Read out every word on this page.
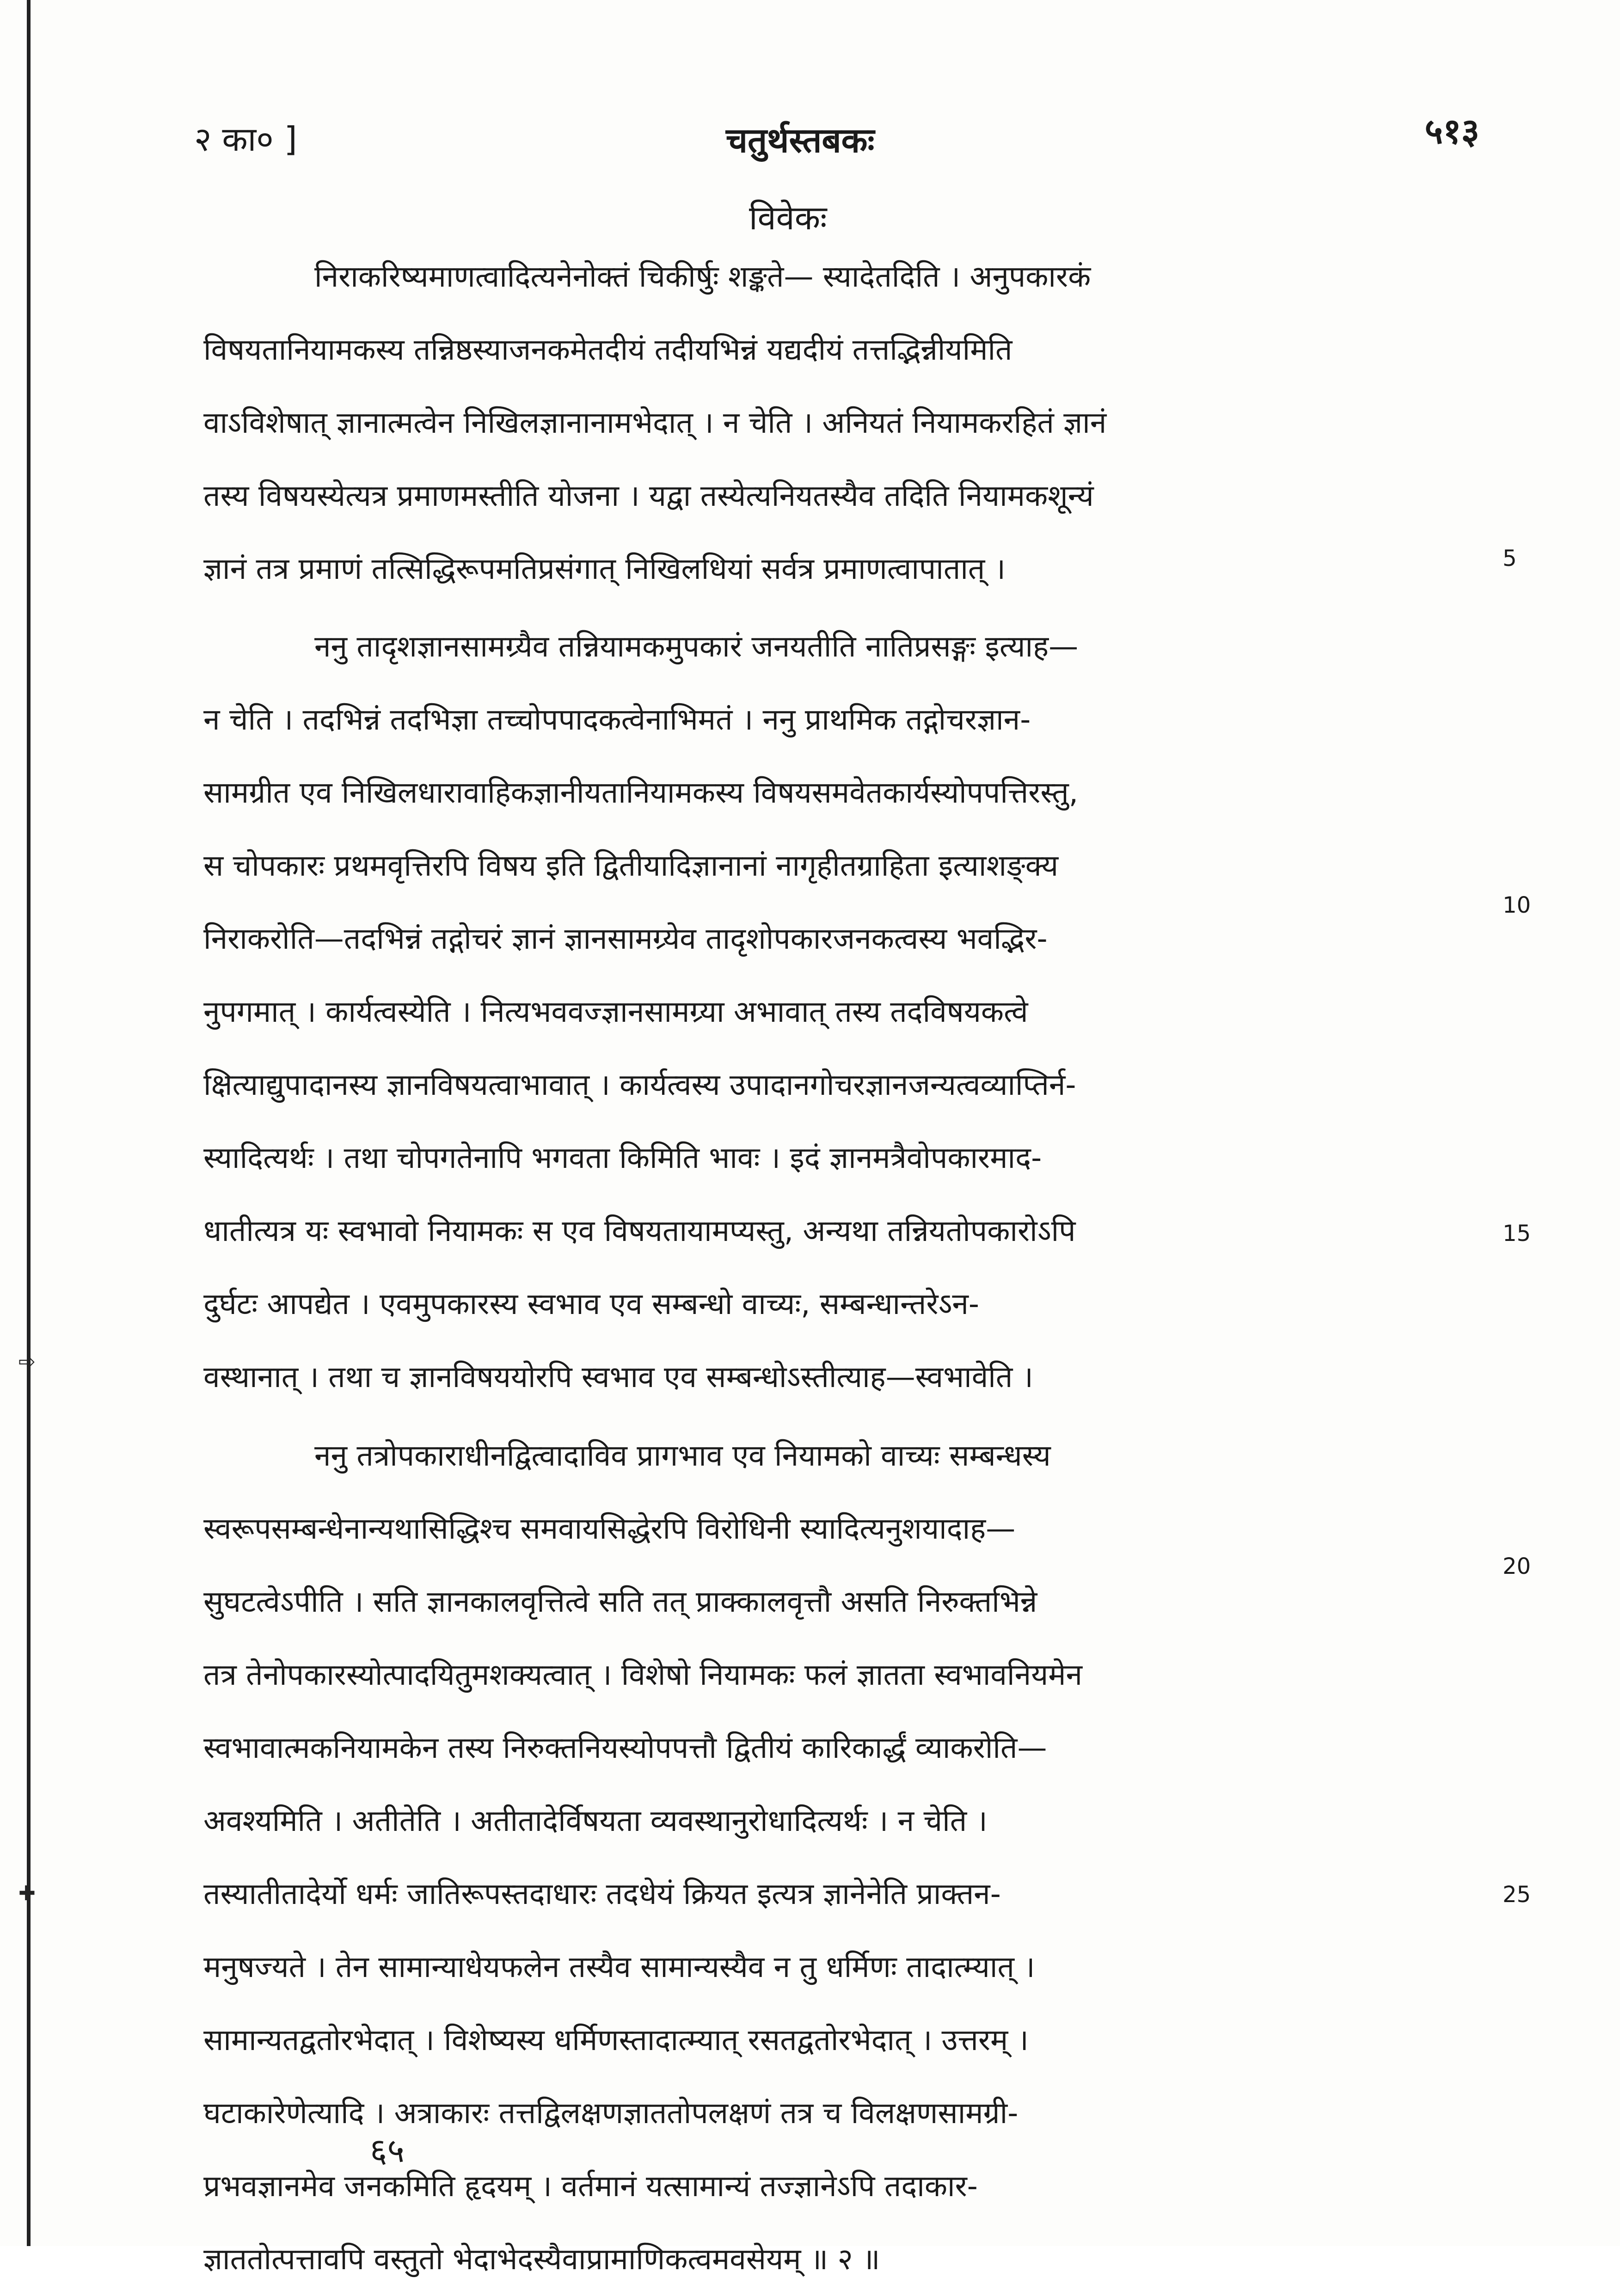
⇨
✚
२ का० ]	चतुर्थस्तबकः	५१३
विवेकः
निराकरिष्यमाणत्वादित्यनेनोक्तं चिकीर्षुः शङ्कते— स्यादेतदिति । अनुपकारकं
विषयतानियामकस्य तन्निष्ठस्याजनकमेतदीयं तदीयभिन्नं यद्यदीयं तत्तद्भिन्नीयमिति
वाऽविशेषात् ज्ञानात्मत्वेन निखिलज्ञानानामभेदात् । न चेति । अनियतं नियामकरहितं ज्ञानं
तस्य विषयस्येत्यत्र प्रमाणमस्तीति योजना । यद्वा तस्येत्यनियतस्यैव तदिति नियामकशून्यं
ज्ञानं तत्र प्रमाणं तत्सिद्धिरूपमतिप्रसंगात् निखिलधियां सर्वत्र प्रमाणत्वापातात् ।
ननु तादृशज्ञानसामग्र्यैव तन्नियामकमुपकारं जनयतीति नातिप्रसङ्गः इत्याह—
न चेति । तदभिन्नं तदभिज्ञा तच्चोपपादकत्वेनाभिमतं । ननु प्राथमिक तद्गोचरज्ञान-
सामग्रीत एव निखिलधारावाहिकज्ञानीयतानियामकस्य विषयसमवेतकार्यस्योपपत्तिरस्तु,
स चोपकारः प्रथमवृत्तिरपि विषय इति द्वितीयादिज्ञानानां नागृहीतग्राहिता इत्याशङ्क्य
निराकरोति—तदभिन्नं तद्गोचरं ज्ञानं ज्ञानसामग्र्येव तादृशोपकारजनकत्वस्य भवद्भिर-
नुपगमात् । कार्यत्वस्येति । नित्यभववज्ज्ञानसामग्र्या अभावात् तस्य तदविषयकत्वे
क्षित्याद्युपादानस्य ज्ञानविषयत्वाभावात् । कार्यत्वस्य उपादानगोचरज्ञानजन्यत्वव्याप्तिर्न-
स्यादित्यर्थः । तथा चोपगतेनापि भगवता किमिति भावः । इदं ज्ञानमत्रैवोपकारमाद-
धातीत्यत्र यः स्वभावो नियामकः स एव विषयतायामप्यस्तु, अन्यथा तन्नियतोपकारोऽपि
दुर्घटः आपद्येत । एवमुपकारस्य स्वभाव एव सम्बन्धो वाच्यः, सम्बन्धान्तरेऽन-
वस्थानात् । तथा च ज्ञानविषययोरपि स्वभाव एव सम्बन्धोऽस्तीत्याह—स्वभावेति ।
ननु तत्रोपकाराधीनद्वित्वादाविव प्रागभाव एव नियामको वाच्यः सम्बन्धस्य
स्वरूपसम्बन्धेनान्यथासिद्धिश्च समवायसिद्धेरपि विरोधिनी स्यादित्यनुशयादाह—
सुघटत्वेऽपीति । सति ज्ञानकालवृत्तित्वे सति तत् प्राक्कालवृत्तौ असति निरुक्तभिन्ने
तत्र तेनोपकारस्योत्पादयितुमशक्यत्वात् । विशेषो नियामकः फलं ज्ञातता स्वभावनियमेन
स्वभावात्मकनियामकेन तस्य निरुक्तनियस्योपपत्तौ द्वितीयं कारिकार्द्धं व्याकरोति—
अवश्यमिति । अतीतेति । अतीतादेर्विषयता व्यवस्थानुरोधादित्यर्थः । न चेति ।
तस्यातीतादेर्यो धर्मः जातिरूपस्तदाधारः तदधेयं क्रियत इत्यत्र ज्ञानेनेति प्राक्तन-
मनुषज्यते । तेन सामान्याधेयफलेन तस्यैव सामान्यस्यैव न तु धर्मिणः तादात्म्यात् ।
सामान्यतद्वतोरभेदात् । विशेष्यस्य धर्मिणस्तादात्म्यात् रसतद्वतोरभेदात् । उत्तरम् ।
घटाकारेणेत्यादि । अत्राकारः तत्तद्विलक्षणज्ञाततोपलक्षणं तत्र च विलक्षणसामग्री-
प्रभवज्ञानमेव जनकमिति हृदयम् । वर्तमानं यत्सामान्यं तज्ज्ञानेऽपि तदाकार-
ज्ञाततोत्पत्तावपि वस्तुतो भेदाभेदस्यैवाप्रामाणिकत्वमवसेयम् ॥ २ ॥
5
10
15
20
25
६५
